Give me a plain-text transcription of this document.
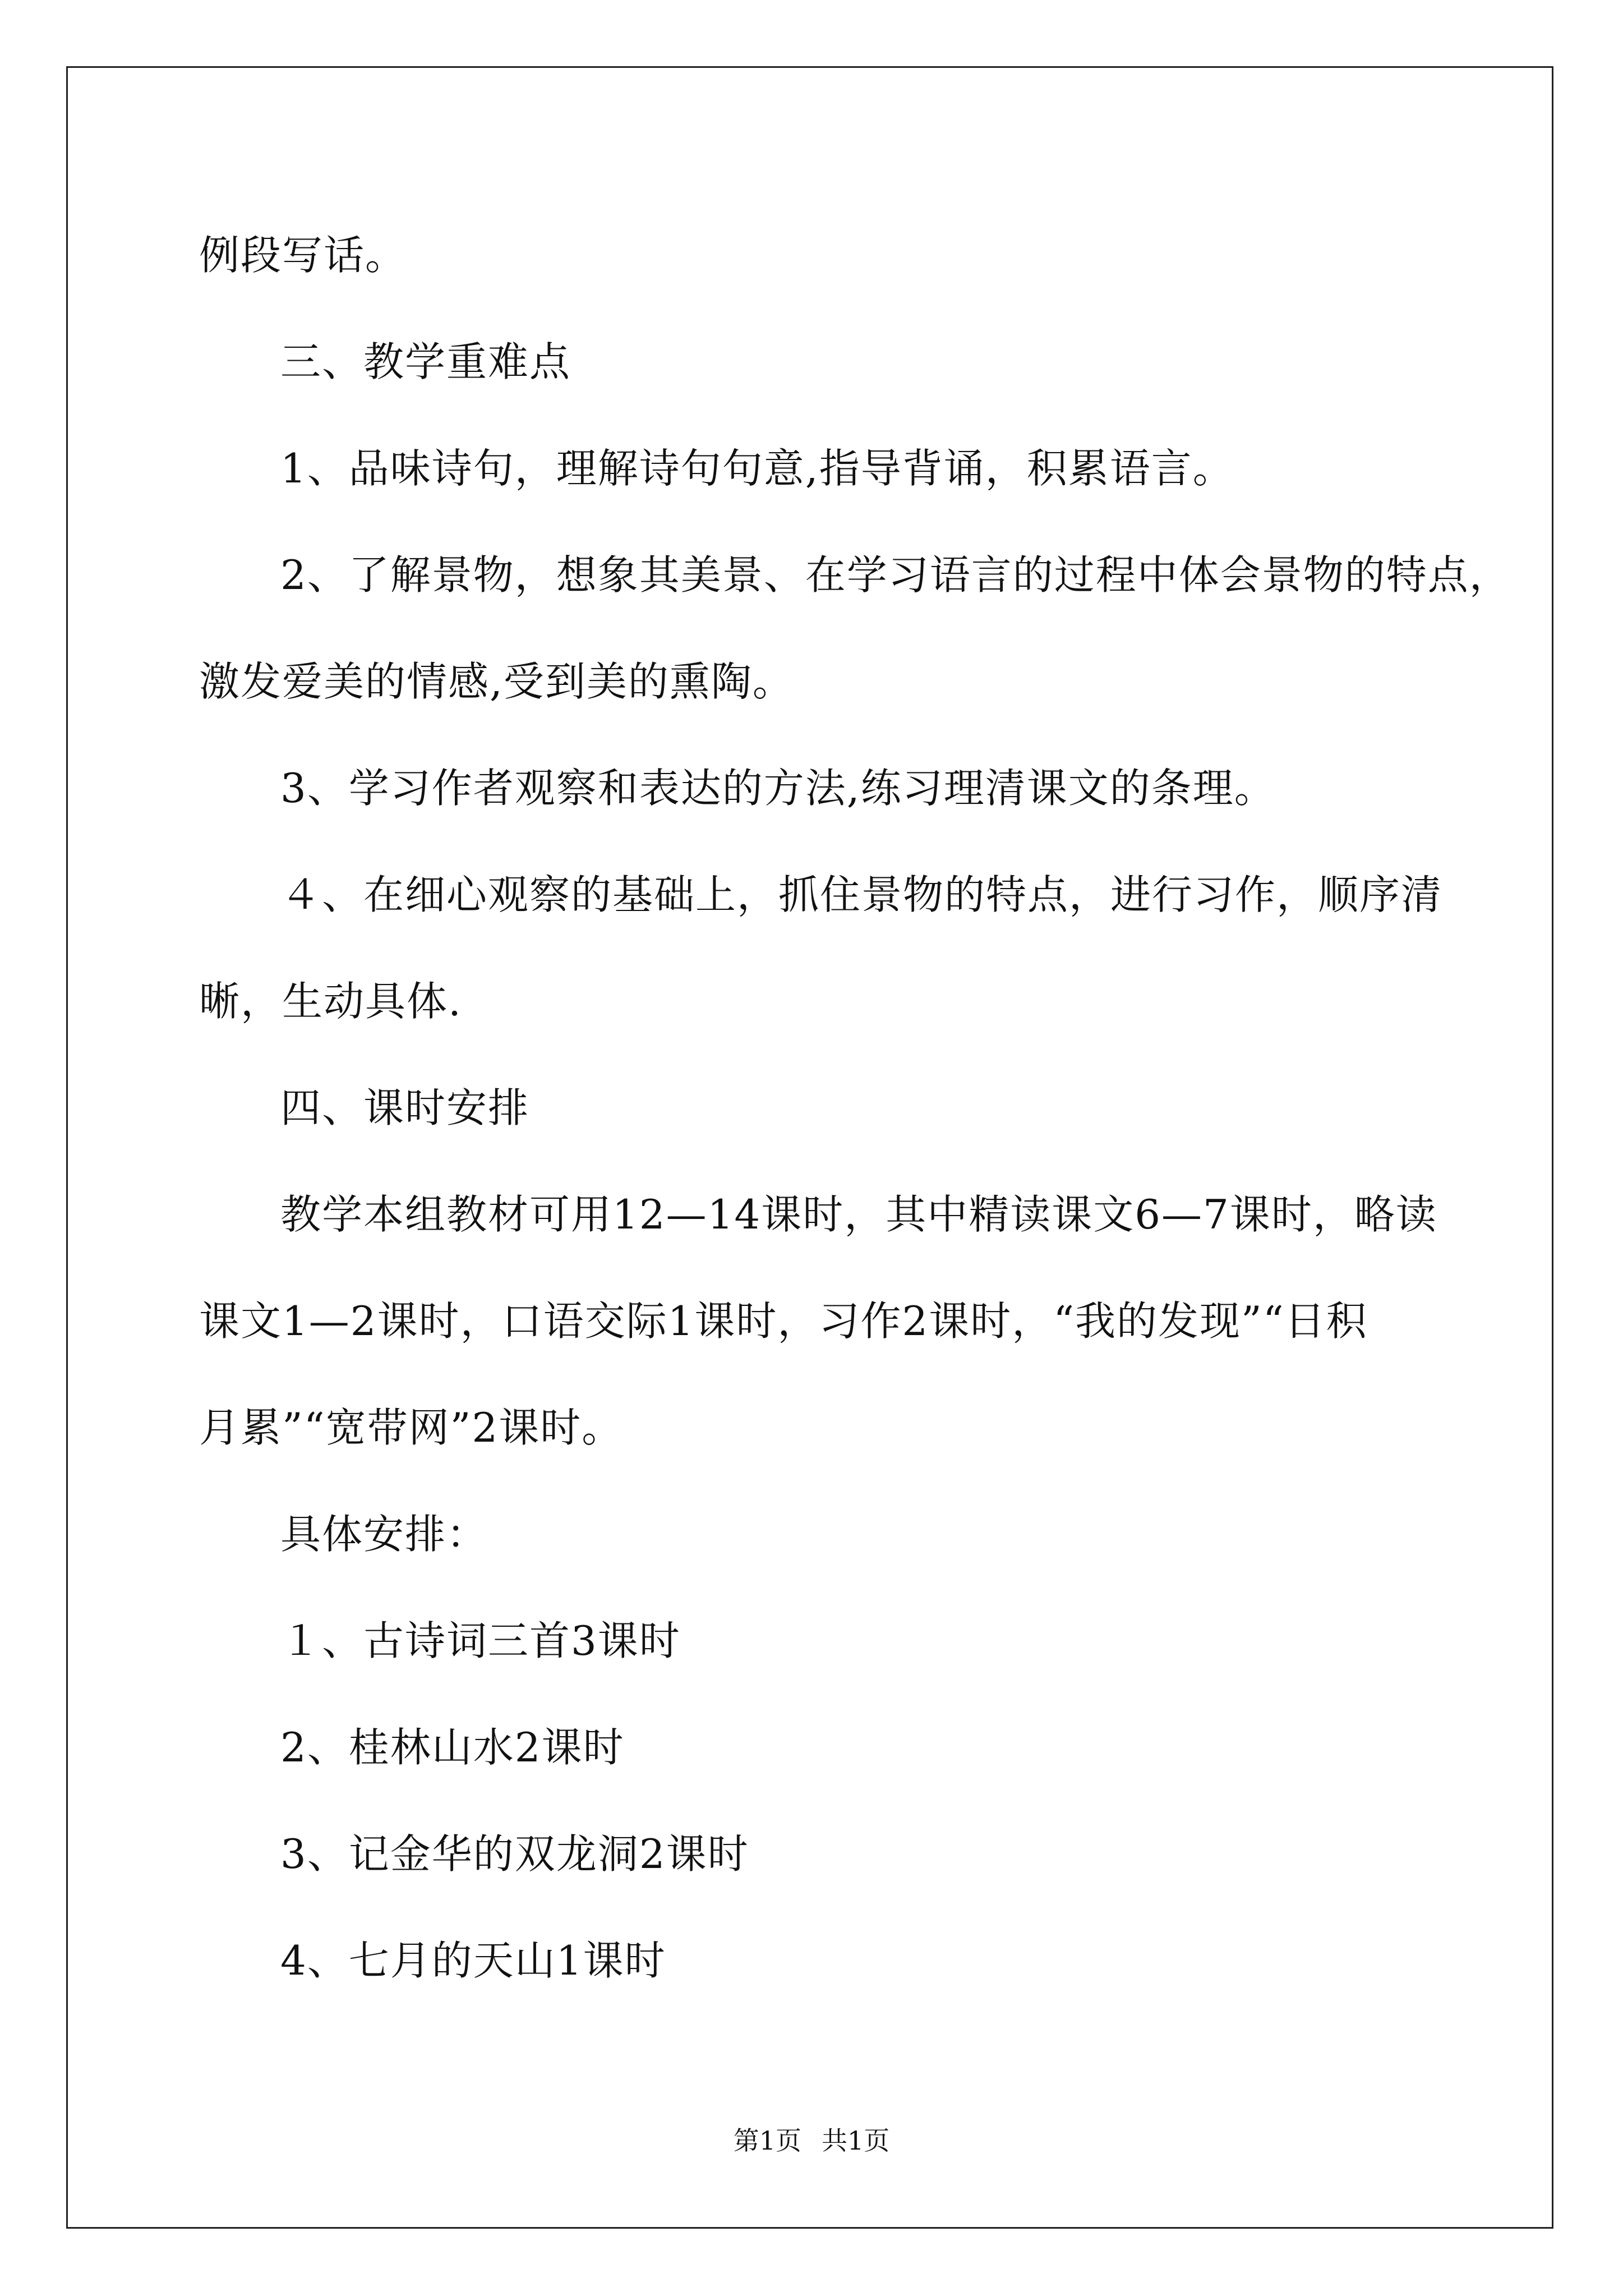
例段写话。
三、教学重难点
1、品味诗句，理解诗句句意,指导背诵，积累语言。
2、了解景物，想象其美景、在学习语言的过程中体会景物的特点，
激发爱美的情感,受到美的熏陶。
3、学习作者观察和表达的方法,练习理清课文的条理。
４、在细心观察的基础上，抓住景物的特点，进行习作，顺序清
晰，生动具体.
四、课时安排
教学本组教材可用12—14课时，其中精读课文6—7课时，略读
课文1—2课时，口语交际1课时，习作2课时，“我的发现”“日积
月累”“宽带网”2课时。
具体安排：
１、古诗词三首3课时
2、桂林山水2课时
3、记金华的双龙洞2课时
4、七月的天山1课时
第1页 共1页
